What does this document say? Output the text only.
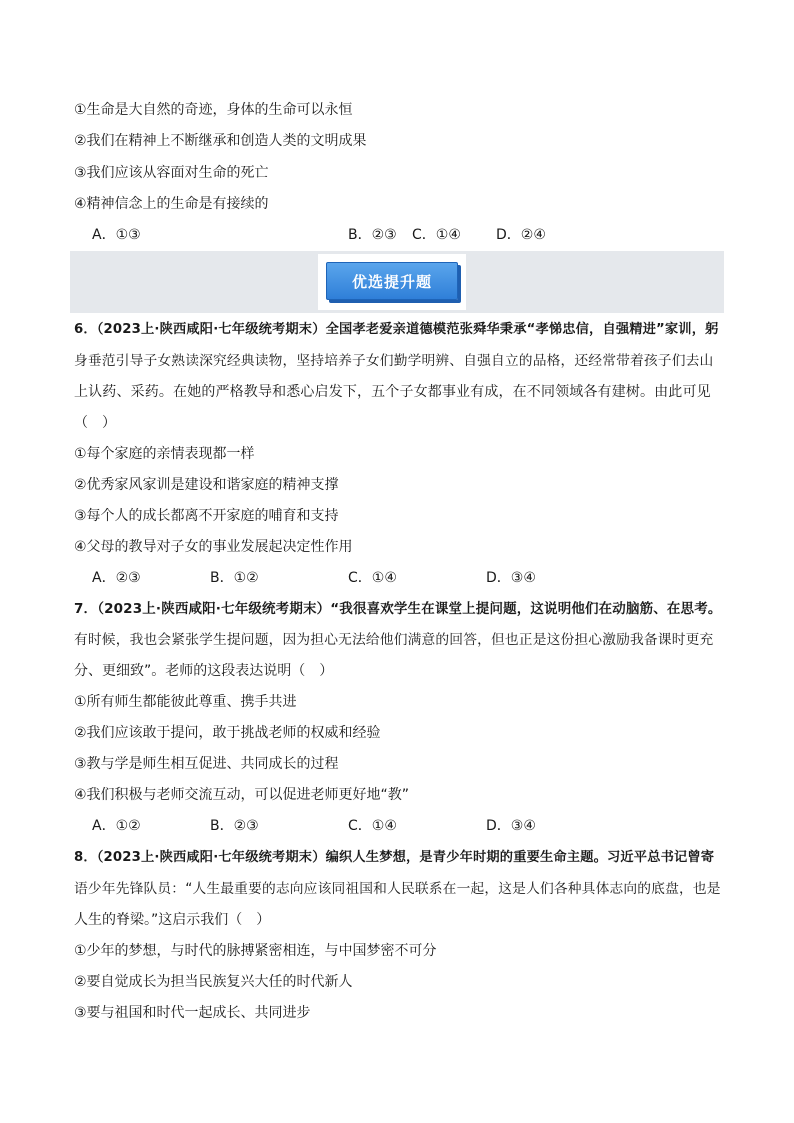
①生命是大自然的奇迹，身体的生命可以永恒
②我们在精神上不断继承和创造人类的文明成果
③我们应该从容面对生命的死亡
④精神信念上的生命是有接续的
A．①③	B．②③ C．①④	D．②④
优选提升题
6．（2023上·陕西咸阳·七年级统考期末）全国孝老爱亲道德模范张舜华秉承“孝悌忠信，自强精进”家训，躬
身垂范引导子女熟读深究经典读物，坚持培养子女们勤学明辨、自强自立的品格，还经常带着孩子们去山
上认药、采药。在她的严格教导和悉心启发下，五个子女都事业有成，在不同领域各有建树。由此可见
（　）
①每个家庭的亲情表现都一样
②优秀家风家训是建设和谐家庭的精神支撑
③每个人的成长都离不开家庭的哺育和支持
④父母的教导对子女的事业发展起决定性作用
A．②③	B．①②	C．①④	D．③④
7．（2023上·陕西咸阳·七年级统考期末）“我很喜欢学生在课堂上提问题，这说明他们在动脑筋、在思考。
有时候，我也会紧张学生提问题，因为担心无法给他们满意的回答，但也正是这份担心激励我备课时更充
分、更细致”。老师的这段表达说明（　）
①所有师生都能彼此尊重、携手共进
②我们应该敢于提问，敢于挑战老师的权威和经验
③教与学是师生相互促进、共同成长的过程
④我们积极与老师交流互动，可以促进老师更好地“教”
A．①②	B．②③	C．①④	D．③④
8．（2023上·陕西咸阳·七年级统考期末）编织人生梦想，是青少年时期的重要生命主题。习近平总书记曾寄
语少年先锋队员：“人生最重要的志向应该同祖国和人民联系在一起，这是人们各种具体志向的底盘，也是
人生的脊梁。”这启示我们（　）
①少年的梦想，与时代的脉搏紧密相连，与中国梦密不可分
②要自觉成长为担当民族复兴大任的时代新人
③要与祖国和时代一起成长、共同进步
